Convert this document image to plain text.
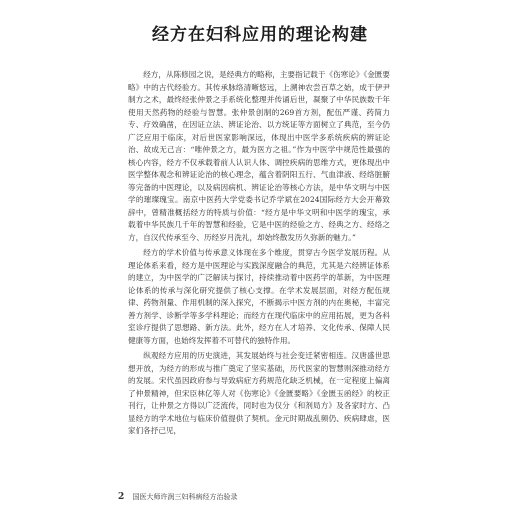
经方在妇科应用的理论构建

经方，从陈修园之说，是经典方的略称，主要指记载于《伤寒论》《金匮要略》中的古代经验方。其传承脉络清晰悠远，上溯神农尝百草之始，成于伊尹制方之术，最终经张仲景之手系统化整理并传诵后世，凝聚了中华民族数千年使用天然药物的经验与智慧。张仲景创制的269首方剂，配伍严谨、药简力专、疗效确凿，在因证立法、辨证论治、以方统证等方面树立了典范，至今仍广泛应用于临床，对后世医家影响深远，体现出中医学多系统疾病的辨证论治、故成无己言：“唯仲景之方，最为医方之祖。”作为中医学中规范性最强的核心内容，经方不仅承载着前人认识人体、调控疾病的思维方式，更体现出中医学整体观念和辨证论治的核心理念，蕴含着阴阳五行、气血津液、经络脏腑等完备的中医理论，以及病因病机、辨证论治等核心方法，是中华文明与中医学的璀璨瑰宝。南京中医药大学党委书记乔学斌在2024国际经方大会开幕致辞中，曾精准概括经方的特质与价值：“经方是中华文明和中医学的瑰宝，承载着中华民族几千年的智慧和经验，它是中医的经验之方、经典之方、经络之方，自汉代传承至今、历经岁月洗礼，却始终散发历久弥新的魅力。”

经方的学术价值与传承意义体现在多个维度，贯穿古今医学发展历程。从理论体系来看，经方是中医理论与实践深度融合的典范，尤其是六经辨证体系的建立，为中医学的广泛解读与探讨，持续推动着中医药学的革新，为中医理论体系的传承与深化研究提供了核心支撑。在学术发展层面，对经方配伍规律、药物剂量、作用机制的深入探究，不断揭示中医方剂的内在奥秘，丰富完善方剂学、诊断学等多学科理论；而经方在现代临床中的应用拓展，更为各科室诊疗提供了思想路、新方法。此外，经方在人才培养、文化传承、保障人民健康等方面，也始终发挥着不可替代的独特作用。

纵观经方应用的历史演进，其发展始终与社会变迁紧密相连。汉唐盛世思想开放，为经方的形成与推广奠定了坚实基础，历代医家的智慧则深推动经方的发展。宋代虽因政府参与导致病症方药规范化缺乏机械，在一定程度上偏离了仲景精神，但宋臣林亿等人对《伤寒论》《金匮要略》《金匮玉函经》的校正刊行，让仲景之方得以广泛流传，同时也为仅分《和剂局方》及各家时方、凸显经方的学术地位与临床价值提供了契机。金元时期战乱频仍、疾病肆虐，医家们各抒己见，

2 国医大师许润三妇科病经方治验录
